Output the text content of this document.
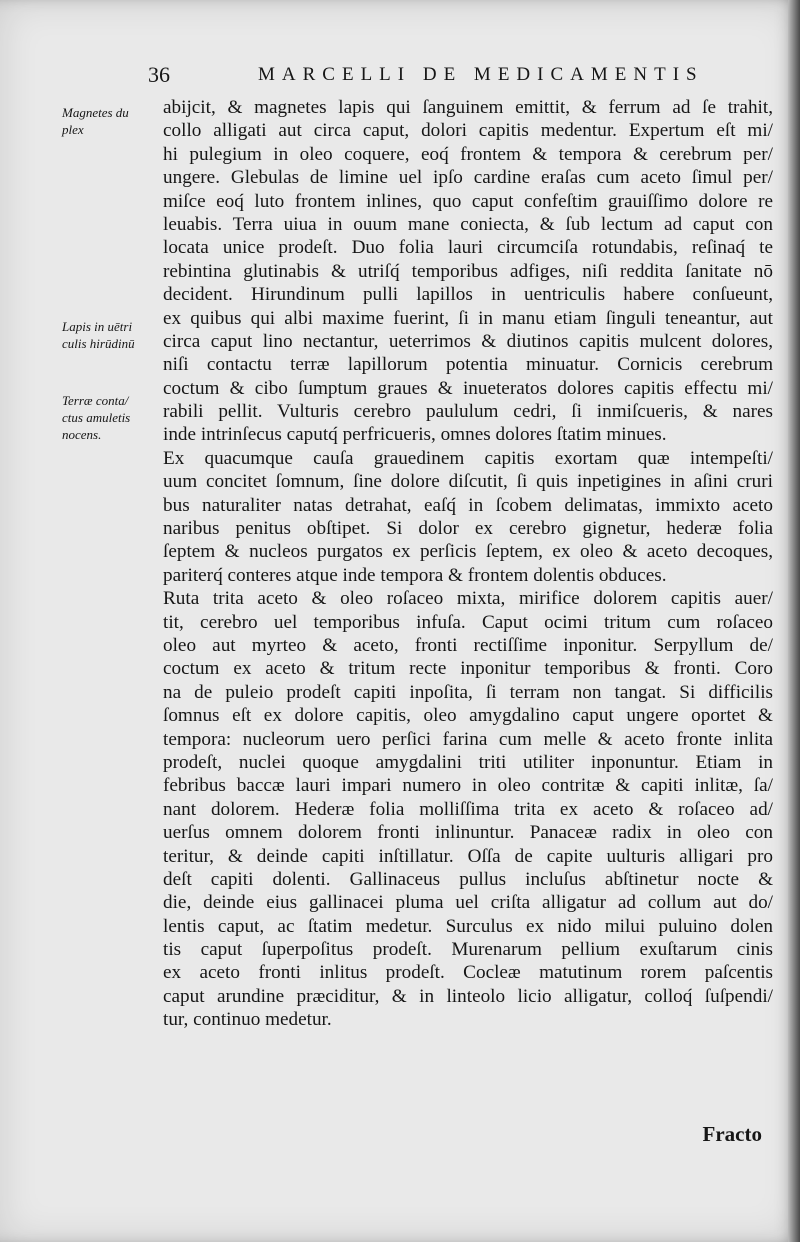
36	MARCELLI DE MEDICAMENTIS
Magnetes du
plex
Lapis in uētri
culis hirūdinū
Terræ conta/
ctus amuletis
nocens.
abijcit, & magnetes lapis qui ſanguinem emittit, & ferrum ad ſe trahit,
collo alligati aut circa caput, dolori capitis medentur. Expertum eſt mi/
hi pulegium in oleo coquere, eoq́ frontem & tempora & cerebrum per/
ungere. Glebulas de limine uel ipſo cardine eraſas cum aceto ſimul per/
miſce eoq́ luto frontem inlines, quo caput confeſtim grauiſſimo dolore re
leuabis. Terra uiua in ouum mane coniecta, & ſub lectum ad caput con
locata unice prodeſt. Duo folia lauri circumciſa rotundabis, reſinaq́ te
rebintina glutinabis & utriſq́ temporibus adfiges, niſi reddita ſanitate nō
decident. Hirundinum pulli lapillos in uentriculis habere conſueunt,
ex quibus qui albi maxime fuerint, ſi in manu etiam ſinguli teneantur, aut
circa caput lino nectantur, ueterrimos & diutinos capitis mulcent dolores,
niſi contactu terræ lapillorum potentia minuatur. Cornicis cerebrum
coctum & cibo ſumptum graues & inueteratos dolores capitis effectu mi/
rabili pellit. Vulturis cerebro paululum cedri, ſi inmiſcueris, & nares
inde intrinſecus caputq́ perfricueris, omnes dolores ſtatim minues.
Ex quacumque cauſa grauedinem capitis exortam quæ intempeſti/
uum concitet ſomnum, ſine dolore diſcutit, ſi quis inpetigines in aſini cruri
bus naturaliter natas detrahat, eaſq́ in ſcobem delimatas, immixto aceto
naribus penitus obſtipet. Si dolor ex cerebro gignetur, hederæ folia
ſeptem & nucleos purgatos ex perſicis ſeptem, ex oleo & aceto decoques,
pariterq́ conteres atque inde tempora & frontem dolentis obduces.
Ruta trita aceto & oleo roſaceo mixta, mirifice dolorem capitis auer/
tit, cerebro uel temporibus infuſa. Caput ocimi tritum cum roſaceo
oleo aut myrteo & aceto, fronti rectiſſime inponitur. Serpyllum de/
coctum ex aceto & tritum recte inponitur temporibus & fronti. Coro
na de puleio prodeſt capiti inpoſita, ſi terram non tangat. Si difficilis
ſomnus eſt ex dolore capitis, oleo amygdalino caput ungere oportet &
tempora: nucleorum uero perſici farina cum melle & aceto fronte inlita
prodeſt, nuclei quoque amygdalini triti utiliter inponuntur. Etiam in
febribus baccæ lauri impari numero in oleo contritæ & capiti inlitæ, ſa/
nant dolorem. Hederæ folia molliſſima trita ex aceto & roſaceo ad/
uerſus omnem dolorem fronti inlinuntur. Panaceæ radix in oleo con
teritur, & deinde capiti inſtillatur. Oſſa de capite uulturis alligari pro
deſt capiti dolenti. Gallinaceus pullus incluſus abſtinetur nocte &
die, deinde eius gallinacei pluma uel criſta alligatur ad collum aut do/
lentis caput, ac ſtatim medetur. Surculus ex nido milui puluino dolen
tis caput ſuperpoſitus prodeſt. Murenarum pellium exuſtarum cinis
ex aceto fronti inlitus prodeſt. Cocleæ matutinum rorem paſcentis
caput arundine præciditur, & in linteolo licio alligatur, colloq́ ſuſpendi/
tur, continuo medetur.
Fracto
